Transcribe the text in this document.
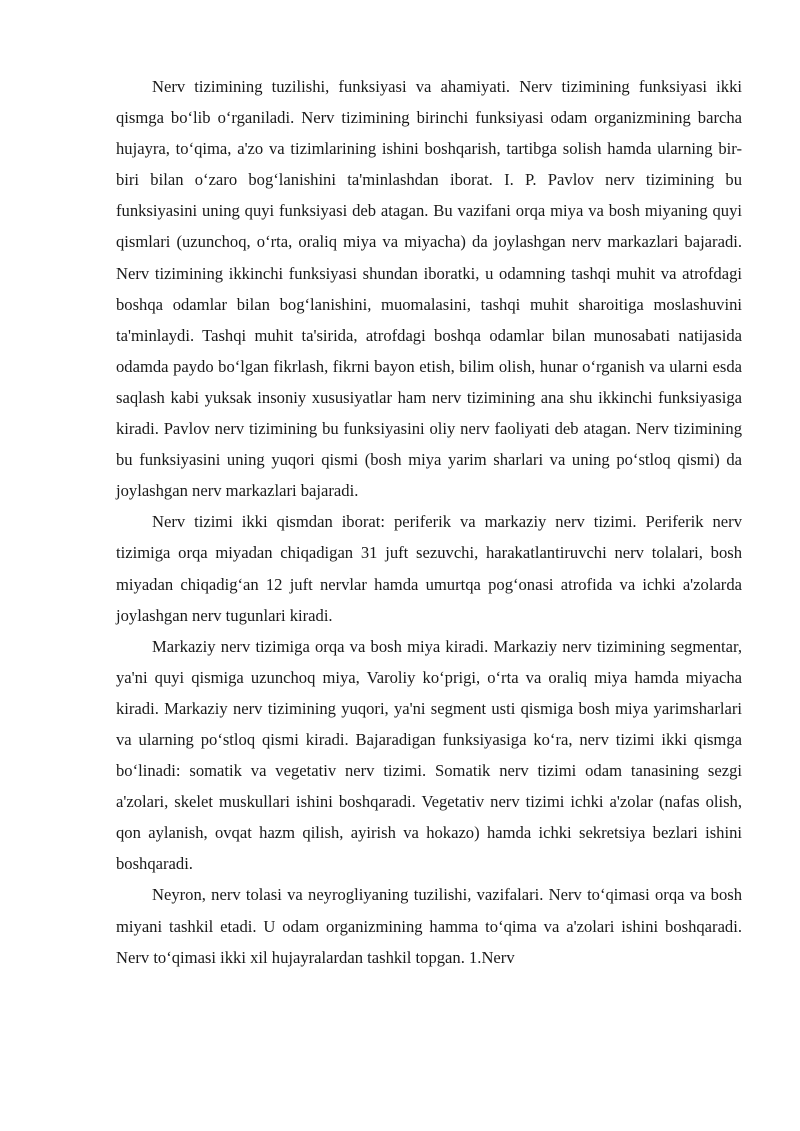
Nerv tizimining tuzilishi, funksiyasi va ahamiyati. Nerv tizimining funksiyasi ikki qismga bo‘lib o‘rganiladi. Nerv tizimining birinchi funksiyasi odam organizmining barcha hujayra, to‘qima, a'zo va tizimlarining ishini boshqarish, tartibga solish hamda ularning bir-biri bilan o‘zaro bog‘lanishini ta'minlashdan iborat. I. P. Pavlov nerv tizimining bu funksiyasini uning quyi funksiyasi deb atagan. Bu vazifani orqa miya va bosh miyaning quyi qismlari (uzunchoq, o‘rta, oraliq miya va miyacha) da joylashgan nerv markazlari bajaradi. Nerv tizimining ikkinchi funksiyasi shundan iboratki, u odamning tashqi muhit va atrofdagi boshqa odamlar bilan bog‘lanishini, muomalasini, tashqi muhit sharoitiga moslashuvini ta'minlaydi. Tashqi muhit ta'sirida, atrofdagi boshqa odamlar bilan munosabati natijasida odamda paydo bo‘lgan fikrlash, fikrni bayon etish, bilim olish, hunar o‘rganish va ularni esda saqlash kabi yuksak insoniy xususiyatlar ham nerv tizimining ana shu ikkinchi funksiyasiga kiradi. Pavlov nerv tizimining bu funksiyasini oliy nerv faoliyati deb atagan. Nerv tizimining bu funksiyasini uning yuqori qismi (bosh miya yarim sharlari va uning po‘stloq qismi) da joylashgan nerv markazlari bajaradi.

Nerv tizimi ikki qismdan iborat: periferik va markaziy nerv tizimi. Periferik nerv tizimiga orqa miyadan chiqadigan 31 juft sezuvchi, harakatlantiruvchi nerv tolalari, bosh miyadan chiqadig‘an 12 juft nervlar hamda umurtqa pog‘onasi atrofida va ichki a'zolarda joylashgan nerv tugunlari kiradi.

Markaziy nerv tizimiga orqa va bosh miya kiradi. Markaziy nerv tizimining segmentar, ya'ni quyi qismiga uzunchoq miya, Varoliy ko‘prigi, o‘rta va oraliq miya hamda miyacha kiradi. Markaziy nerv tizimining yuqori, ya'ni segment usti qismiga bosh miya yarimsharlari va ularning po‘stloq qismi kiradi. Bajaradigan funksiyasiga ko‘ra, nerv tizimi ikki qismga bo‘linadi: somatik va vegetativ nerv tizimi. Somatik nerv tizimi odam tanasining sezgi a'zolari, skelet muskullari ishini boshqaradi. Vegetativ nerv tizimi ichki a'zolar (nafas olish, qon aylanish, ovqat hazm qilish, ayirish va hokazo) hamda ichki sekretsiya bezlari ishini boshqaradi.

Neyron, nerv tolasi va neyrogliyaning tuzilishi, vazifalari. Nerv to‘qimasi orqa va bosh miyani tashkil etadi. U odam organizmining hamma to‘qima va a'zolari ishini boshqaradi. Nerv to‘qimasi ikki xil hujayralardan tashkil topgan. 1.Nerv
